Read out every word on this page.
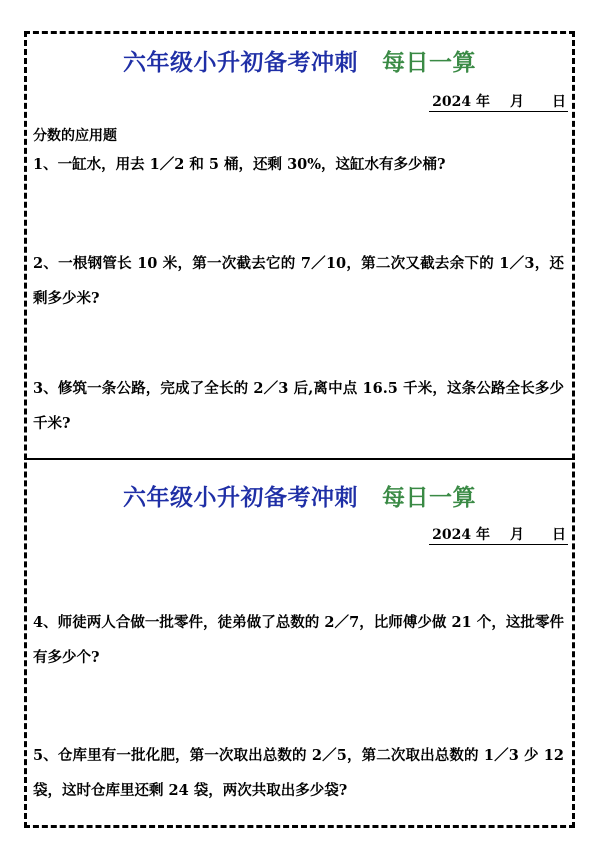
六年级小升初备考冲刺 每日一算
2024 年 月 日
分数的应用题
1、一缸水，用去 1／2 和 5 桶，还剩 30%，这缸水有多少桶?
2、一根钢管长 10 米，第一次截去它的 7／10，第二次又截去余下的 1／3，还剩多少米?
3、修筑一条公路，完成了全长的 2／3 后,离中点 16.5 千米，这条公路全长多少千米?
六年级小升初备考冲刺 每日一算
2024 年 月 日
4、师徒两人合做一批零件，徒弟做了总数的 2／7，比师傅少做 21 个，这批零件有多少个?
5、仓库里有一批化肥，第一次取出总数的 2／5，第二次取出总数的 1／3 少 12 袋，这时仓库里还剩 24 袋，两次共取出多少袋?
